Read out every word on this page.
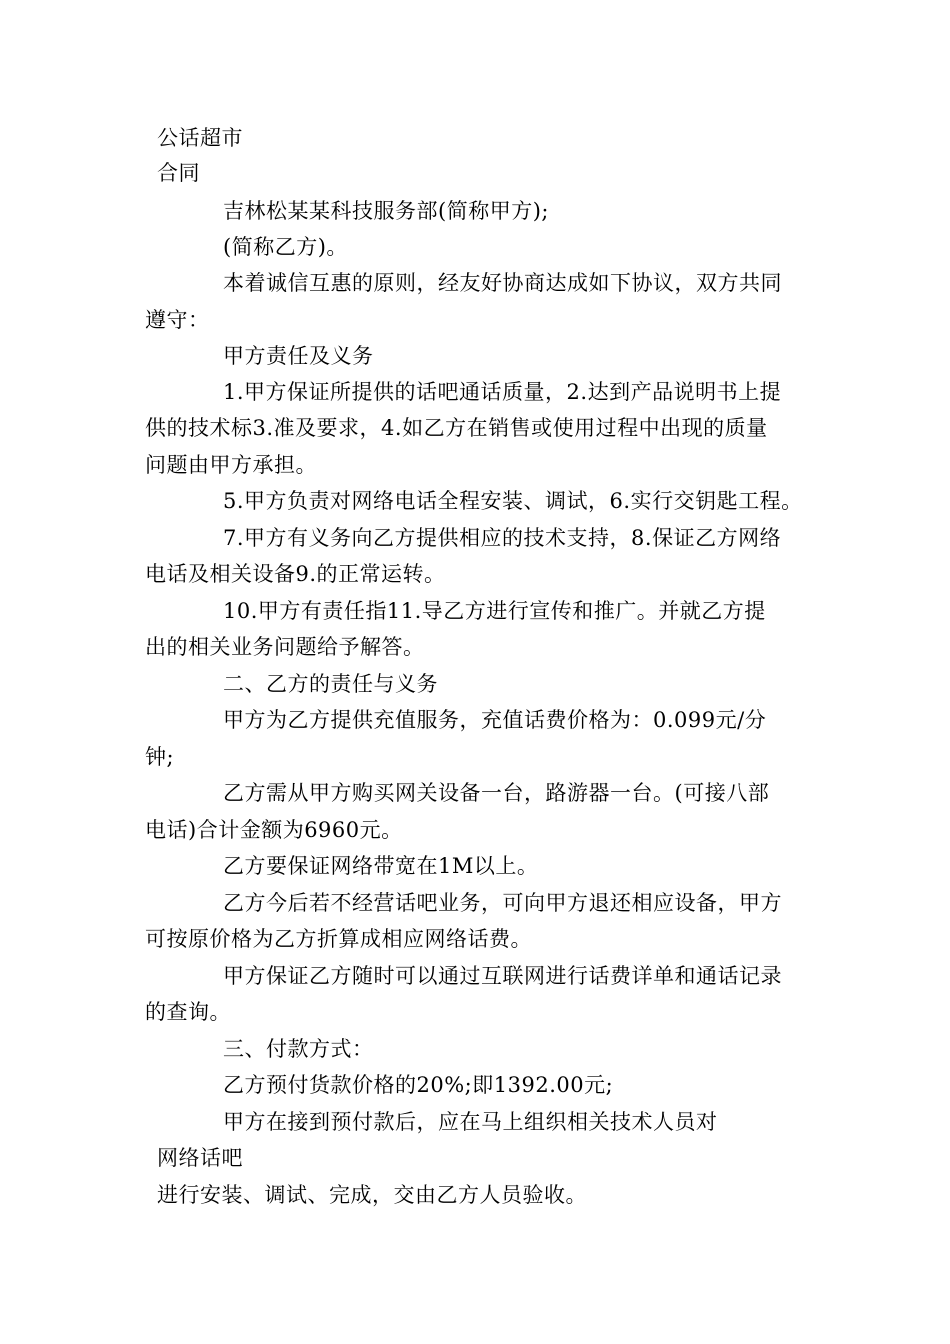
公话超市
合同
吉林松某某科技服务部(简称甲方);
(简称乙方)。
本着诚信互惠的原则，经友好协商达成如下协议，双方共同
遵守：
甲方责任及义务
1.甲方保证所提供的话吧通话质量，2.达到产品说明书上提
供的技术标3.准及要求，4.如乙方在销售或使用过程中出现的质量
问题由甲方承担。
5.甲方负责对网络电话全程安装、调试，6.实行交钥匙工程。
7.甲方有义务向乙方提供相应的技术支持，8.保证乙方网络
电话及相关设备9.的正常运转。
10.甲方有责任指11.导乙方进行宣传和推广。并就乙方提
出的相关业务问题给予解答。
二、乙方的责任与义务
甲方为乙方提供充值服务，充值话费价格为：0.099元/分
钟;
乙方需从甲方购买网关设备一台，路游器一台。(可接八部
电话)合计金额为6960元。
乙方要保证网络带宽在1M以上。
乙方今后若不经营话吧业务，可向甲方退还相应设备，甲方
可按原价格为乙方折算成相应网络话费。
甲方保证乙方随时可以通过互联网进行话费详单和通话记录
的查询。
三、付款方式：
乙方预付货款价格的20%;即1392.00元;
甲方在接到预付款后，应在马上组织相关技术人员对
网络话吧
进行安装、调试、完成，交由乙方人员验收。
